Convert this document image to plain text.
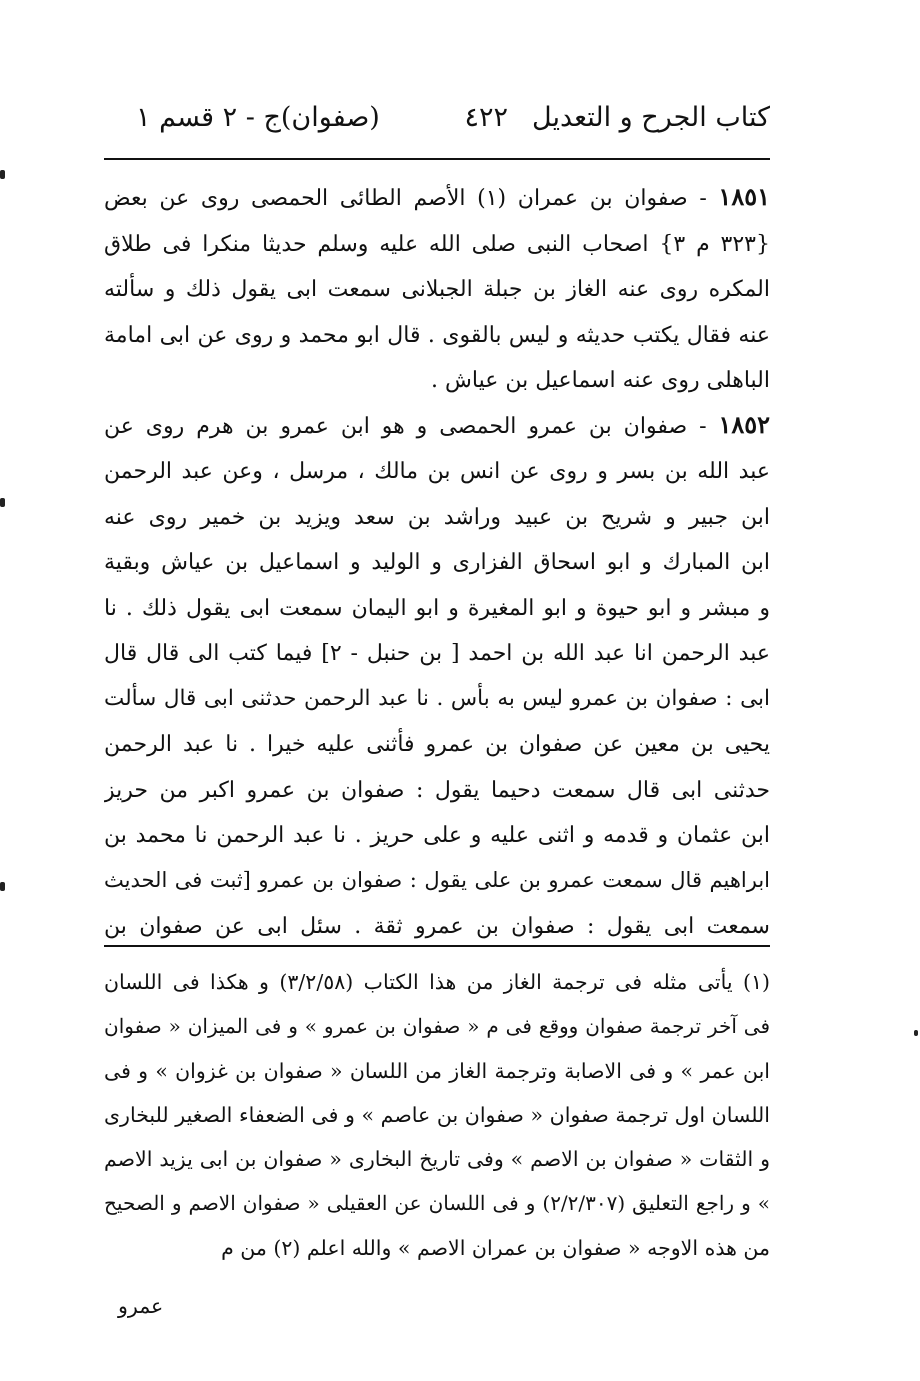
كتاب الجرح و التعديل
٤٢٢
(صفوان)ج - ٢ قسم ١
١٨٥١ - صفوان بن عمران (١) الأصم الطائى الحمصى روى عن بعض
{٣٢٣ م ٣} اصحاب النبى صلى الله عليه وسلم حديثا منكرا فى طلاق
المكره روى عنه الغاز بن جبلة الجبلانى سمعت ابى يقول ذلك و سألته
عنه فقال يكتب حديثه و ليس بالقوى . قال ابو محمد و روى عن ابى امامة
الباهلى روى عنه اسماعيل بن عياش .
١٨٥٢ - صفوان بن عمرو الحمصى و هو ابن عمرو بن هرم روى عن
عبد الله بن بسر و روى عن انس بن مالك ، مرسل ، وعن عبد الرحمن
ابن جبير و شريح بن عبيد وراشد بن سعد ويزيد بن خمير روى عنه
ابن المبارك و ابو اسحاق الفزارى و الوليد و اسماعيل بن عياش وبقية
و مبشر و ابو حيوة و ابو المغيرة و ابو اليمان سمعت ابى يقول ذلك . نا
عبد الرحمن انا عبد الله بن احمد [ بن حنبل - ٢] فيما كتب الى قال قال
ابى : صفوان بن عمرو ليس به بأس . نا عبد الرحمن حدثنى ابى قال سألت
يحيى بن معين عن صفوان بن عمرو فأثنى عليه خيرا . نا عبد الرحمن
حدثنى ابى قال سمعت دحيما يقول : صفوان بن عمرو اكبر من حريز
ابن عثمان و قدمه و اثنى عليه و على حريز . نا عبد الرحمن نا محمد بن
ابراهيم قال سمعت عمرو بن على يقول : صفوان بن عمرو [ثبت فى الحديث
سمعت ابى يقول : صفوان بن عمرو ثقة . سئل ابى عن صفوان بن
(١) يأتى مثله فى ترجمة الغاز من هذا الكتاب (٣/٢/٥٨) و هكذا فى اللسان
فى آخر ترجمة صفوان ووقع فى م « صفوان بن عمرو » و فى الميزان « صفوان
ابن عمر » و فى الاصابة وترجمة الغاز من اللسان « صفوان بن غزوان » و فى
اللسان اول ترجمة صفوان « صفوان بن عاصم » و فى الضعفاء الصغير للبخارى
و الثقات « صفوان بن الاصم » وفى تاريخ البخارى « صفوان بن ابى يزيد الاصم
» و راجع التعليق (٢/٢/٣٠٧) و فى اللسان عن العقيلى « صفوان الاصم و الصحيح
من هذه الاوجه « صفوان بن عمران الاصم » والله اعلم (٢) من م
عمرو
